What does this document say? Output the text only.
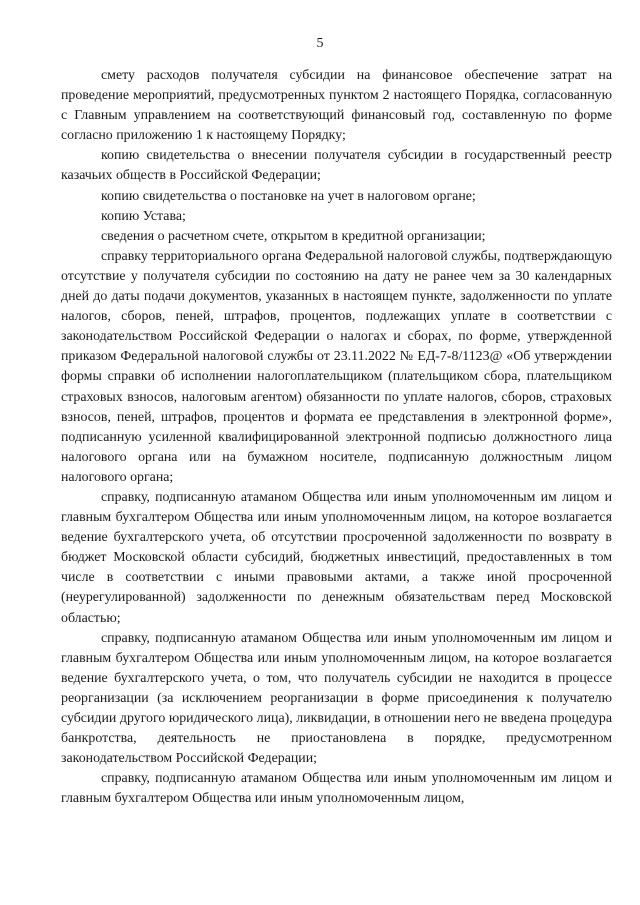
5

смету расходов получателя субсидии на финансовое обеспечение затрат на проведение мероприятий, предусмотренных пунктом 2 настоящего Порядка, согласованную с Главным управлением на соответствующий финансовый год, составленную по форме согласно приложению 1 к настоящему Порядку;

копию свидетельства о внесении получателя субсидии в государственный реестр казачьих обществ в Российской Федерации;

копию свидетельства о постановке на учет в налоговом органе;

копию Устава;

сведения о расчетном счете, открытом в кредитной организации;

справку территориального органа Федеральной налоговой службы, подтверждающую отсутствие у получателя субсидии по состоянию на дату не ранее чем за 30 календарных дней до даты подачи документов, указанных в настоящем пункте, задолженности по уплате налогов, сборов, пеней, штрафов, процентов, подлежащих уплате в соответствии с законодательством Российской Федерации о налогах и сборах, по форме, утвержденной приказом Федеральной налоговой службы от 23.11.2022 № ЕД-7-8/1123@ «Об утверждении формы справки об исполнении налогоплательщиком (плательщиком сбора, плательщиком страховых взносов, налоговым агентом) обязанности по уплате налогов, сборов, страховых взносов, пеней, штрафов, процентов и формата ее представления в электронной форме», подписанную усиленной квалифицированной электронной подписью должностного лица налогового органа или на бумажном носителе, подписанную должностным лицом налогового органа;

справку, подписанную атаманом Общества или иным уполномоченным им лицом и главным бухгалтером Общества или иным уполномоченным лицом, на которое возлагается ведение бухгалтерского учета, об отсутствии просроченной задолженности по возврату в бюджет Московской области субсидий, бюджетных инвестиций, предоставленных в том числе в соответствии с иными правовыми актами, а также иной просроченной (неурегулированной) задолженности по денежным обязательствам перед Московской областью;

справку, подписанную атаманом Общества или иным уполномоченным им лицом и главным бухгалтером Общества или иным уполномоченным лицом, на которое возлагается ведение бухгалтерского учета, о том, что получатель субсидии не находится в процессе реорганизации (за исключением реорганизации в форме присоединения к получателю субсидии другого юридического лица), ликвидации, в отношении него не введена процедура банкротства, деятельность не приостановлена в порядке, предусмотренном законодательством Российской Федерации;

справку, подписанную атаманом Общества или иным уполномоченным им лицом и главным бухгалтером Общества или иным уполномоченным лицом,
